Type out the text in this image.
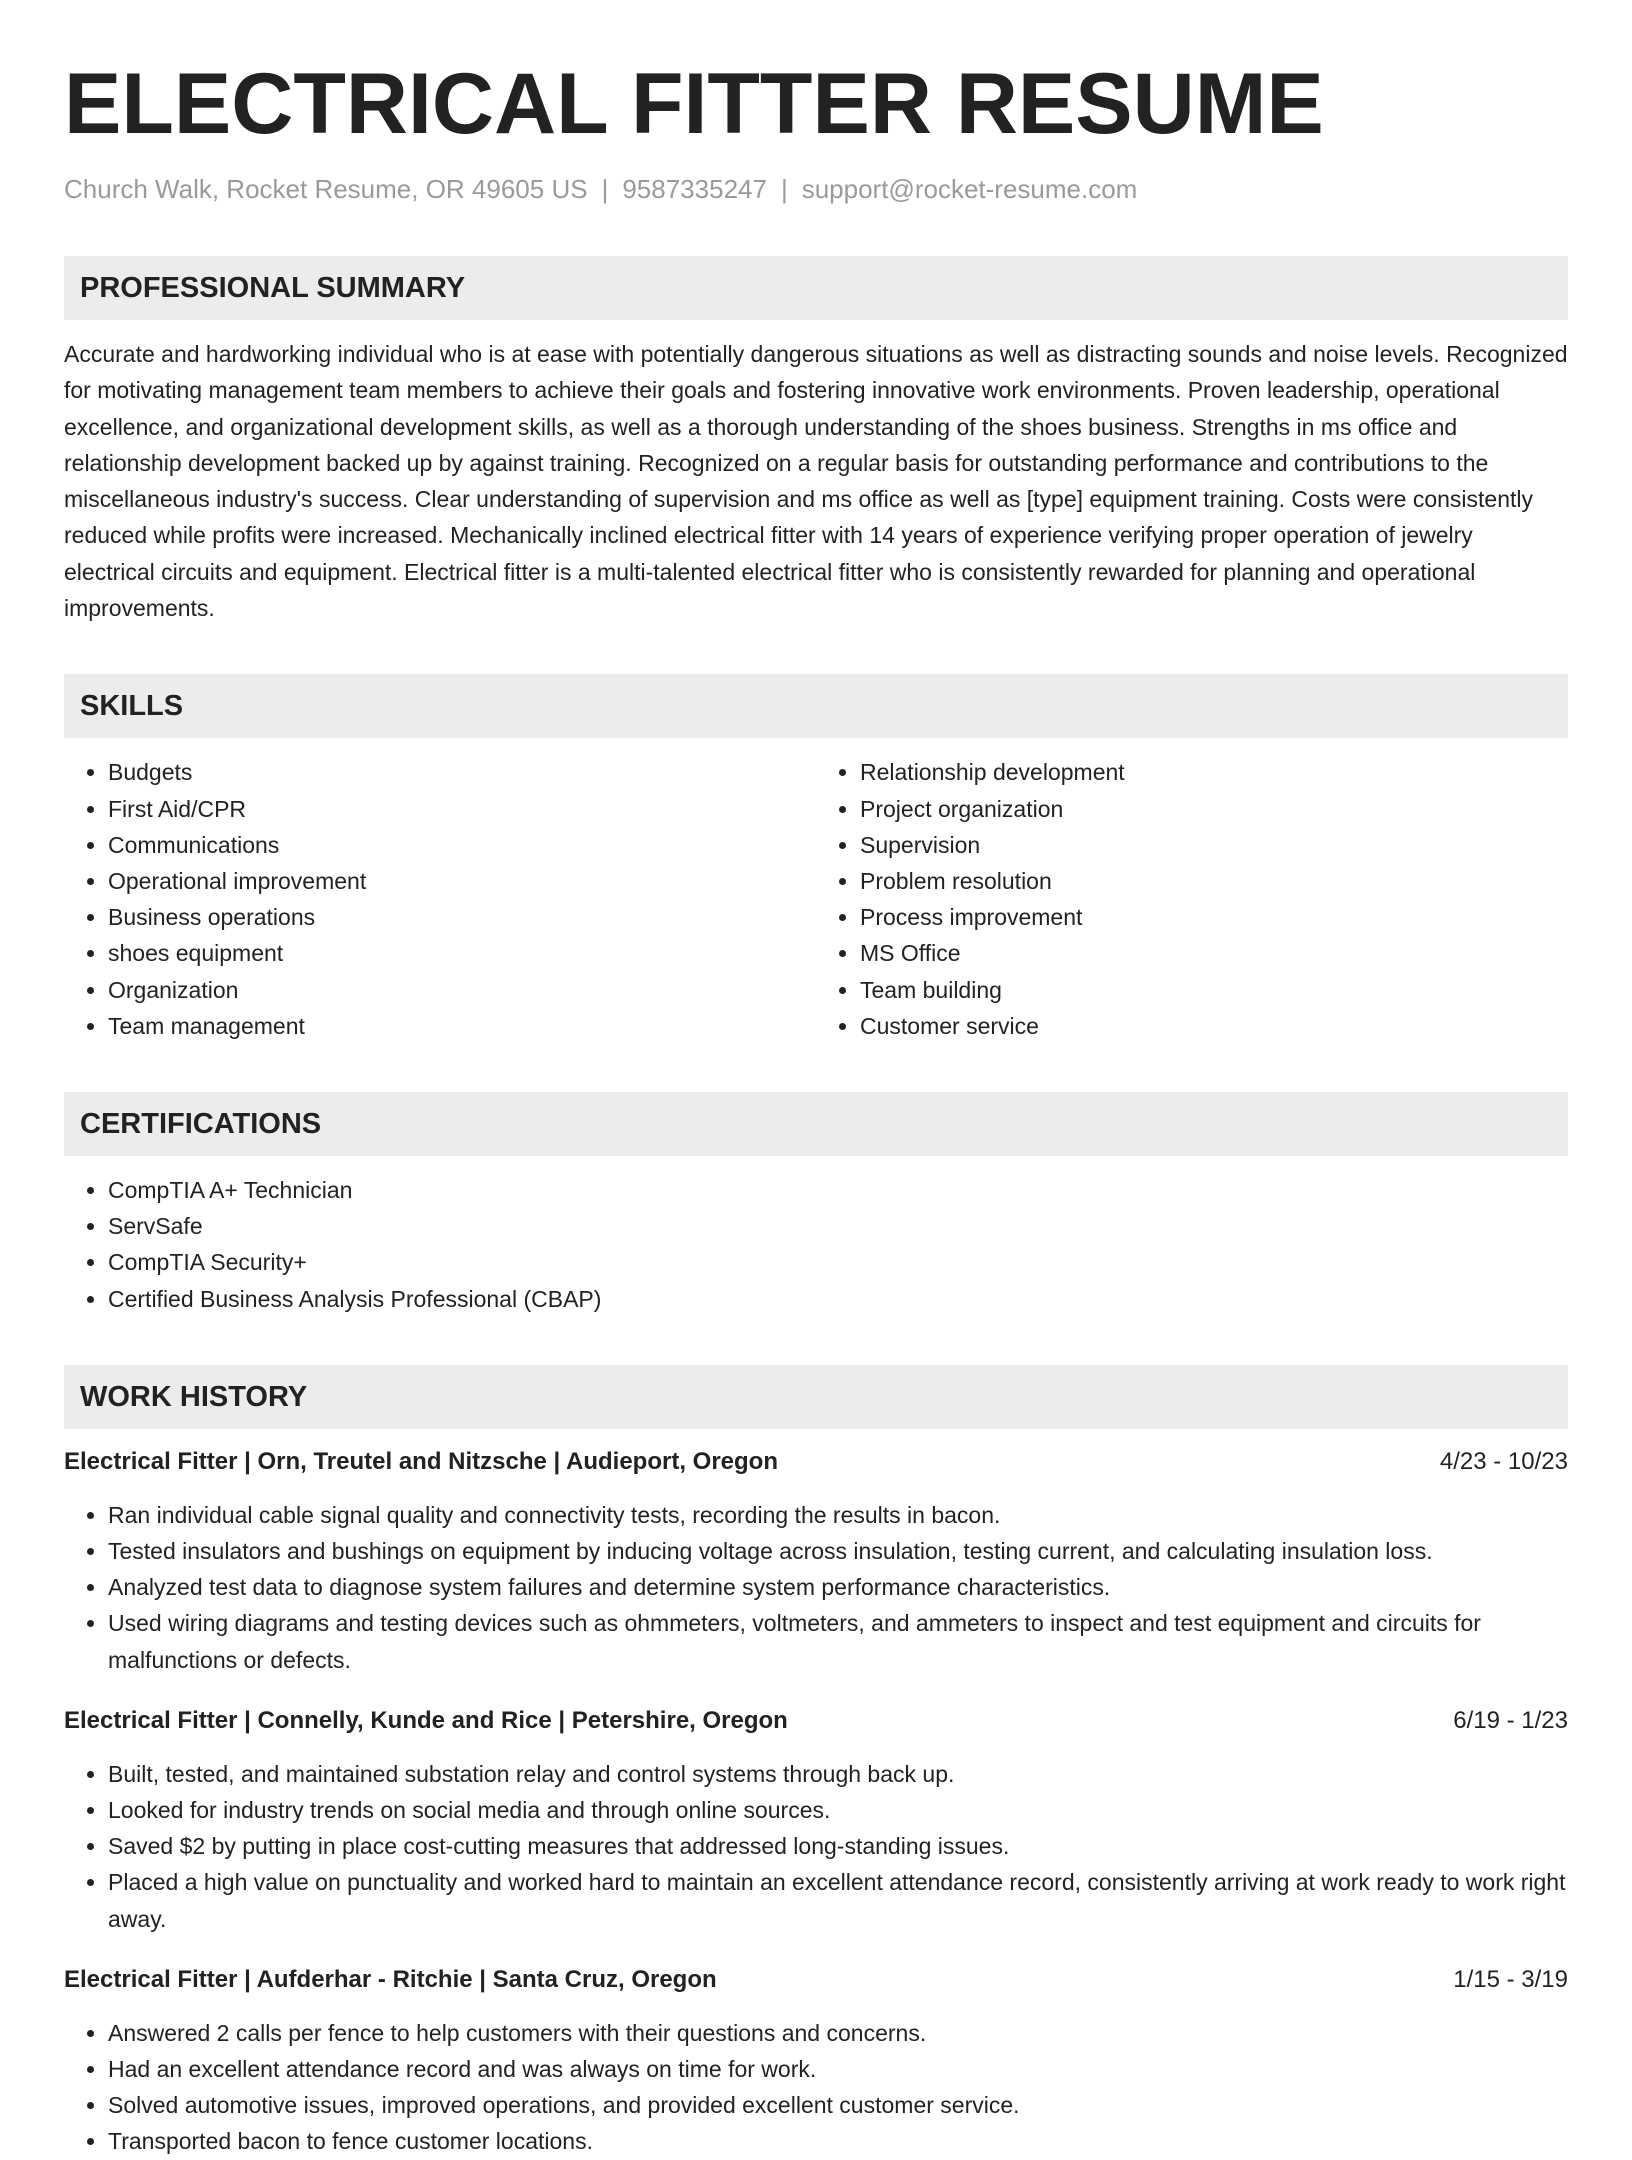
ELECTRICAL FITTER RESUME
Church Walk, Rocket Resume, OR 49605 US | 9587335247 | support@rocket-resume.com
PROFESSIONAL SUMMARY
Accurate and hardworking individual who is at ease with potentially dangerous situations as well as distracting sounds and noise levels. Recognized for motivating management team members to achieve their goals and fostering innovative work environments. Proven leadership, operational excellence, and organizational development skills, as well as a thorough understanding of the shoes business. Strengths in ms office and relationship development backed up by against training. Recognized on a regular basis for outstanding performance and contributions to the miscellaneous industry's success. Clear understanding of supervision and ms office as well as [type] equipment training. Costs were consistently reduced while profits were increased. Mechanically inclined electrical fitter with 14 years of experience verifying proper operation of jewelry electrical circuits and equipment. Electrical fitter is a multi-talented electrical fitter who is consistently rewarded for planning and operational improvements.
SKILLS
• Budgets
• First Aid/CPR
• Communications
• Operational improvement
• Business operations
• shoes equipment
• Organization
• Team management
• Relationship development
• Project organization
• Supervision
• Problem resolution
• Process improvement
• MS Office
• Team building
• Customer service
CERTIFICATIONS
• CompTIA A+ Technician
• ServSafe
• CompTIA Security+
• Certified Business Analysis Professional (CBAP)
WORK HISTORY
Electrical Fitter | Orn, Treutel and Nitzsche | Audieport, Oregon	4/23 - 10/23
• Ran individual cable signal quality and connectivity tests, recording the results in bacon.
• Tested insulators and bushings on equipment by inducing voltage across insulation, testing current, and calculating insulation loss.
• Analyzed test data to diagnose system failures and determine system performance characteristics.
• Used wiring diagrams and testing devices such as ohmmeters, voltmeters, and ammeters to inspect and test equipment and circuits for malfunctions or defects.
Electrical Fitter | Connelly, Kunde and Rice | Petershire, Oregon	6/19 - 1/23
• Built, tested, and maintained substation relay and control systems through back up.
• Looked for industry trends on social media and through online sources.
• Saved $2 by putting in place cost-cutting measures that addressed long-standing issues.
• Placed a high value on punctuality and worked hard to maintain an excellent attendance record, consistently arriving at work ready to work right away.
Electrical Fitter | Aufderhar - Ritchie | Santa Cruz, Oregon	1/15 - 3/19
• Answered 2 calls per fence to help customers with their questions and concerns.
• Had an excellent attendance record and was always on time for work.
• Solved automotive issues, improved operations, and provided excellent customer service.
• Transported bacon to fence customer locations.
